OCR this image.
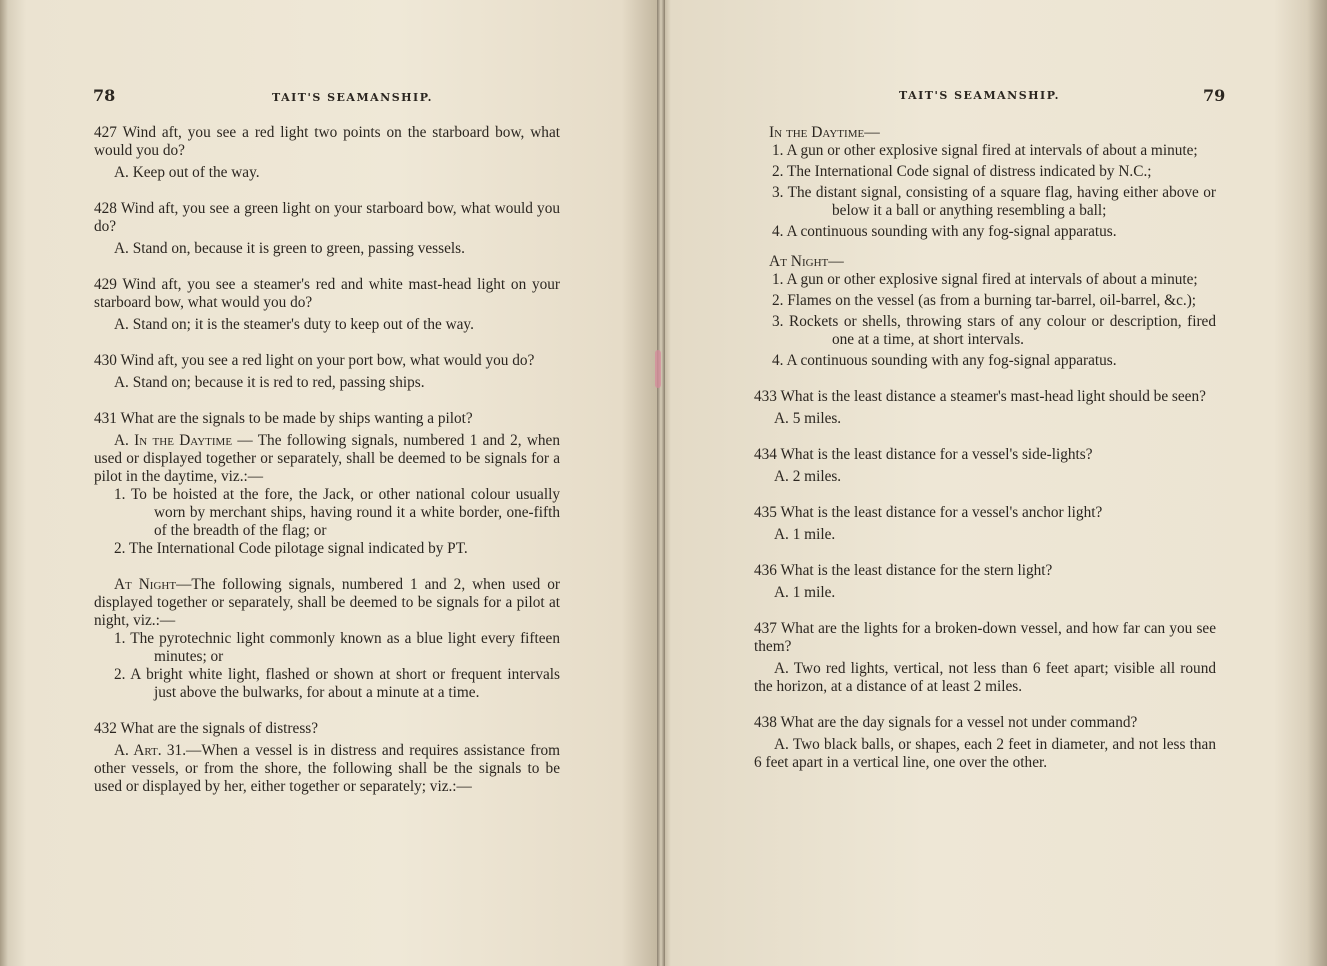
78	TAIT'S SEAMANSHIP.

427 Wind aft, you see a red light two points on the starboard bow, what would you do?

A. Keep out of the way.

428 Wind aft, you see a green light on your starboard bow, what would you do?

A. Stand on, because it is green to green, passing vessels.

429 Wind aft, you see a steamer's red and white mast-head light on your starboard bow, what would you do?

A. Stand on; it is the steamer's duty to keep out of the way.

430 Wind aft, you see a red light on your port bow, what would you do?

A. Stand on; because it is red to red, passing ships.

431 What are the signals to be made by ships wanting a pilot?

A. In the Daytime — The following signals, numbered 1 and 2, when used or displayed together or separately, shall be deemed to be signals for a pilot in the daytime, viz.:—

1. To be hoisted at the fore, the Jack, or other national colour usually worn by merchant ships, having round it a white border, one-fifth of the breadth of the flag; or

2. The International Code pilotage signal indicated by PT.

At Night—The following signals, numbered 1 and 2, when used or displayed together or separately, shall be deemed to be signals for a pilot at night, viz.:—

1. The pyrotechnic light commonly known as a blue light every fifteen minutes; or

2. A bright white light, flashed or shown at short or frequent intervals just above the bulwarks, for about a minute at a time.

432 What are the signals of distress?

A. Art. 31.—When a vessel is in distress and requires assistance from other vessels, or from the shore, the following shall be the signals to be used or displayed by her, either together or separately; viz.:—

TAIT'S SEAMANSHIP.	79

In the Daytime—

1. A gun or other explosive signal fired at intervals of about a minute;

2. The International Code signal of distress indicated by N.C.;

3. The distant signal, consisting of a square flag, having either above or below it a ball or anything resembling a ball;

4. A continuous sounding with any fog-signal apparatus.

At Night—

1. A gun or other explosive signal fired at intervals of about a minute;

2. Flames on the vessel (as from a burning tar-barrel, oil-barrel, &c.);

3. Rockets or shells, throwing stars of any colour or description, fired one at a time, at short intervals.

4. A continuous sounding with any fog-signal apparatus.

433 What is the least distance a steamer's mast-head light should be seen?

A. 5 miles.

434 What is the least distance for a vessel's side-lights?

A. 2 miles.

435 What is the least distance for a vessel's anchor light?

A. 1 mile.

436 What is the least distance for the stern light?

A. 1 mile.

437 What are the lights for a broken-down vessel, and how far can you see them?

A. Two red lights, vertical, not less than 6 feet apart; visible all round the horizon, at a distance of at least 2 miles.

438 What are the day signals for a vessel not under command?

A. Two black balls, or shapes, each 2 feet in diameter, and not less than 6 feet apart in a vertical line, one over the other.
